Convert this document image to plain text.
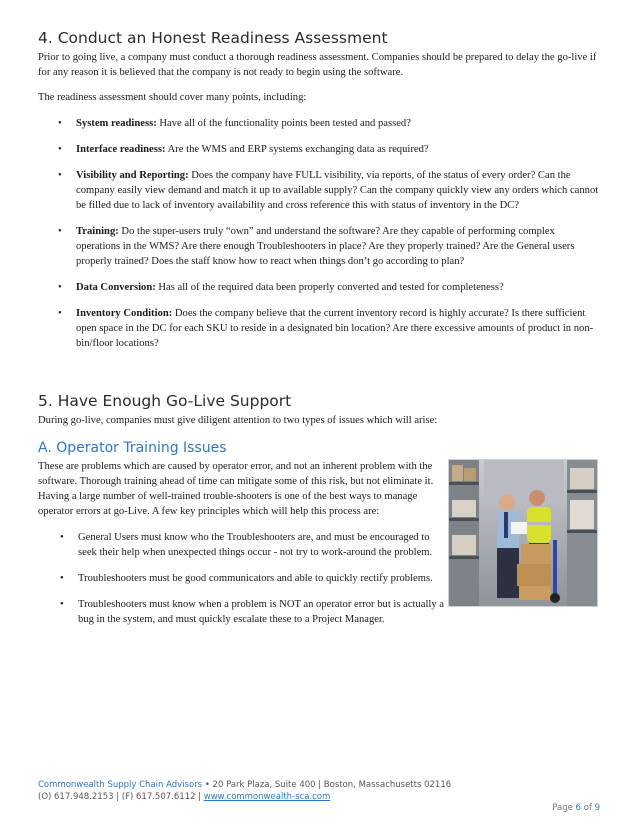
4. Conduct an Honest Readiness Assessment

Prior to going live, a company must conduct a thorough readiness assessment. Companies should be prepared to delay the go-live if for any reason it is believed that the company is not ready to begin using the software.

The readiness assessment should cover many points, including:

• System readiness: Have all of the functionality points been tested and passed?
• Interface readiness: Are the WMS and ERP systems exchanging data as required?
• Visibility and Reporting: Does the company have FULL visibility, via reports, of the status of every order? Can the company easily view demand and match it up to available supply? Can the company quickly view any orders which cannot be filled due to lack of inventory availability and cross reference this with status of inventory in the DC?
• Training: Do the super-users truly “own” and understand the software? Are they capable of performing complex operations in the WMS? Are there enough Troubleshooters in place? Are they properly trained? Are the General users properly trained? Does the staff know how to react when things don’t go according to plan?
• Data Conversion: Has all of the required data been properly converted and tested for completeness?
• Inventory Condition: Does the company believe that the current inventory record is highly accurate? Is there sufficient open space in the DC for each SKU to reside in a designated bin location? Are there excessive amounts of product in non-bin/floor locations?
5. Have Enough Go-Live Support

During go-live, companies must give diligent attention to two types of issues which will arise:

A. Operator Training Issues

These are problems which are caused by operator error, and not an inherent problem with the software. Thorough training ahead of time can mitigate some of this risk, but not eliminate it. Having a large number of well-trained trouble-shooters is one of the best ways to manage operator errors at go-Live. A few key principles which will help this process are:

• General Users must know who the Troubleshooters are, and must be encouraged to seek their help when unexpected things occur - not try to work-around the problem.
• Troubleshooters must be good communicators and able to quickly rectify problems.
• Troubleshooters must know when a problem is NOT an operator error but is actually a bug in the system, and must quickly escalate these to a Project Manager.
Commonwealth Supply Chain Advisors • 20 Park Plaza, Suite 400 | Boston, Massachusetts 02116
(O) 617.948.2153 | (F) 617.507.6112 | www.commonwealth-sca.com
Page 6 of 9
